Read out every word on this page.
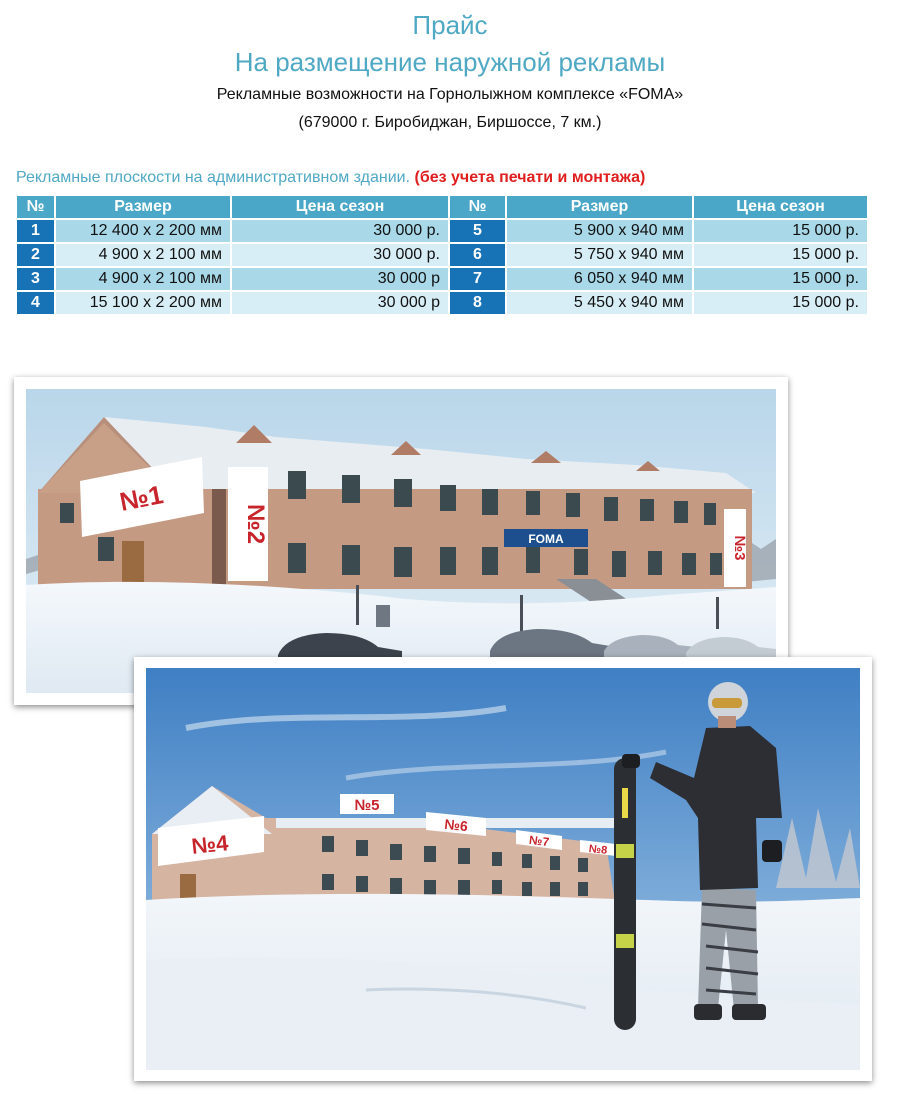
Прайс
На размещение наружной рекламы
Рекламные возможности на Горнолыжном комплексе «FOMA»
(679000 г. Биробиджан, Биршоссе, 7 км.)
Рекламные плоскости на административном здании. (без учета печати и монтажа)
№	Размер	Цена сезон	№	Размер	Цена сезон
1	12 400 х 2 200 мм	30 000 р.	5	5 900 х 940 мм	15 000 р.
2	4 900 х 2 100 мм	30 000 р.	6	5 750 х 940 мм	15 000 р.
3	4 900 х 2 100 мм	30 000 р	7	6 050 х 940 мм	15 000 р.
4	15 100 х 2 200 мм	30 000 р	8	5 450 х 940 мм	15 000 р.
FOMA
№1
№2
№3
№4
№5
№6
№7
№8
